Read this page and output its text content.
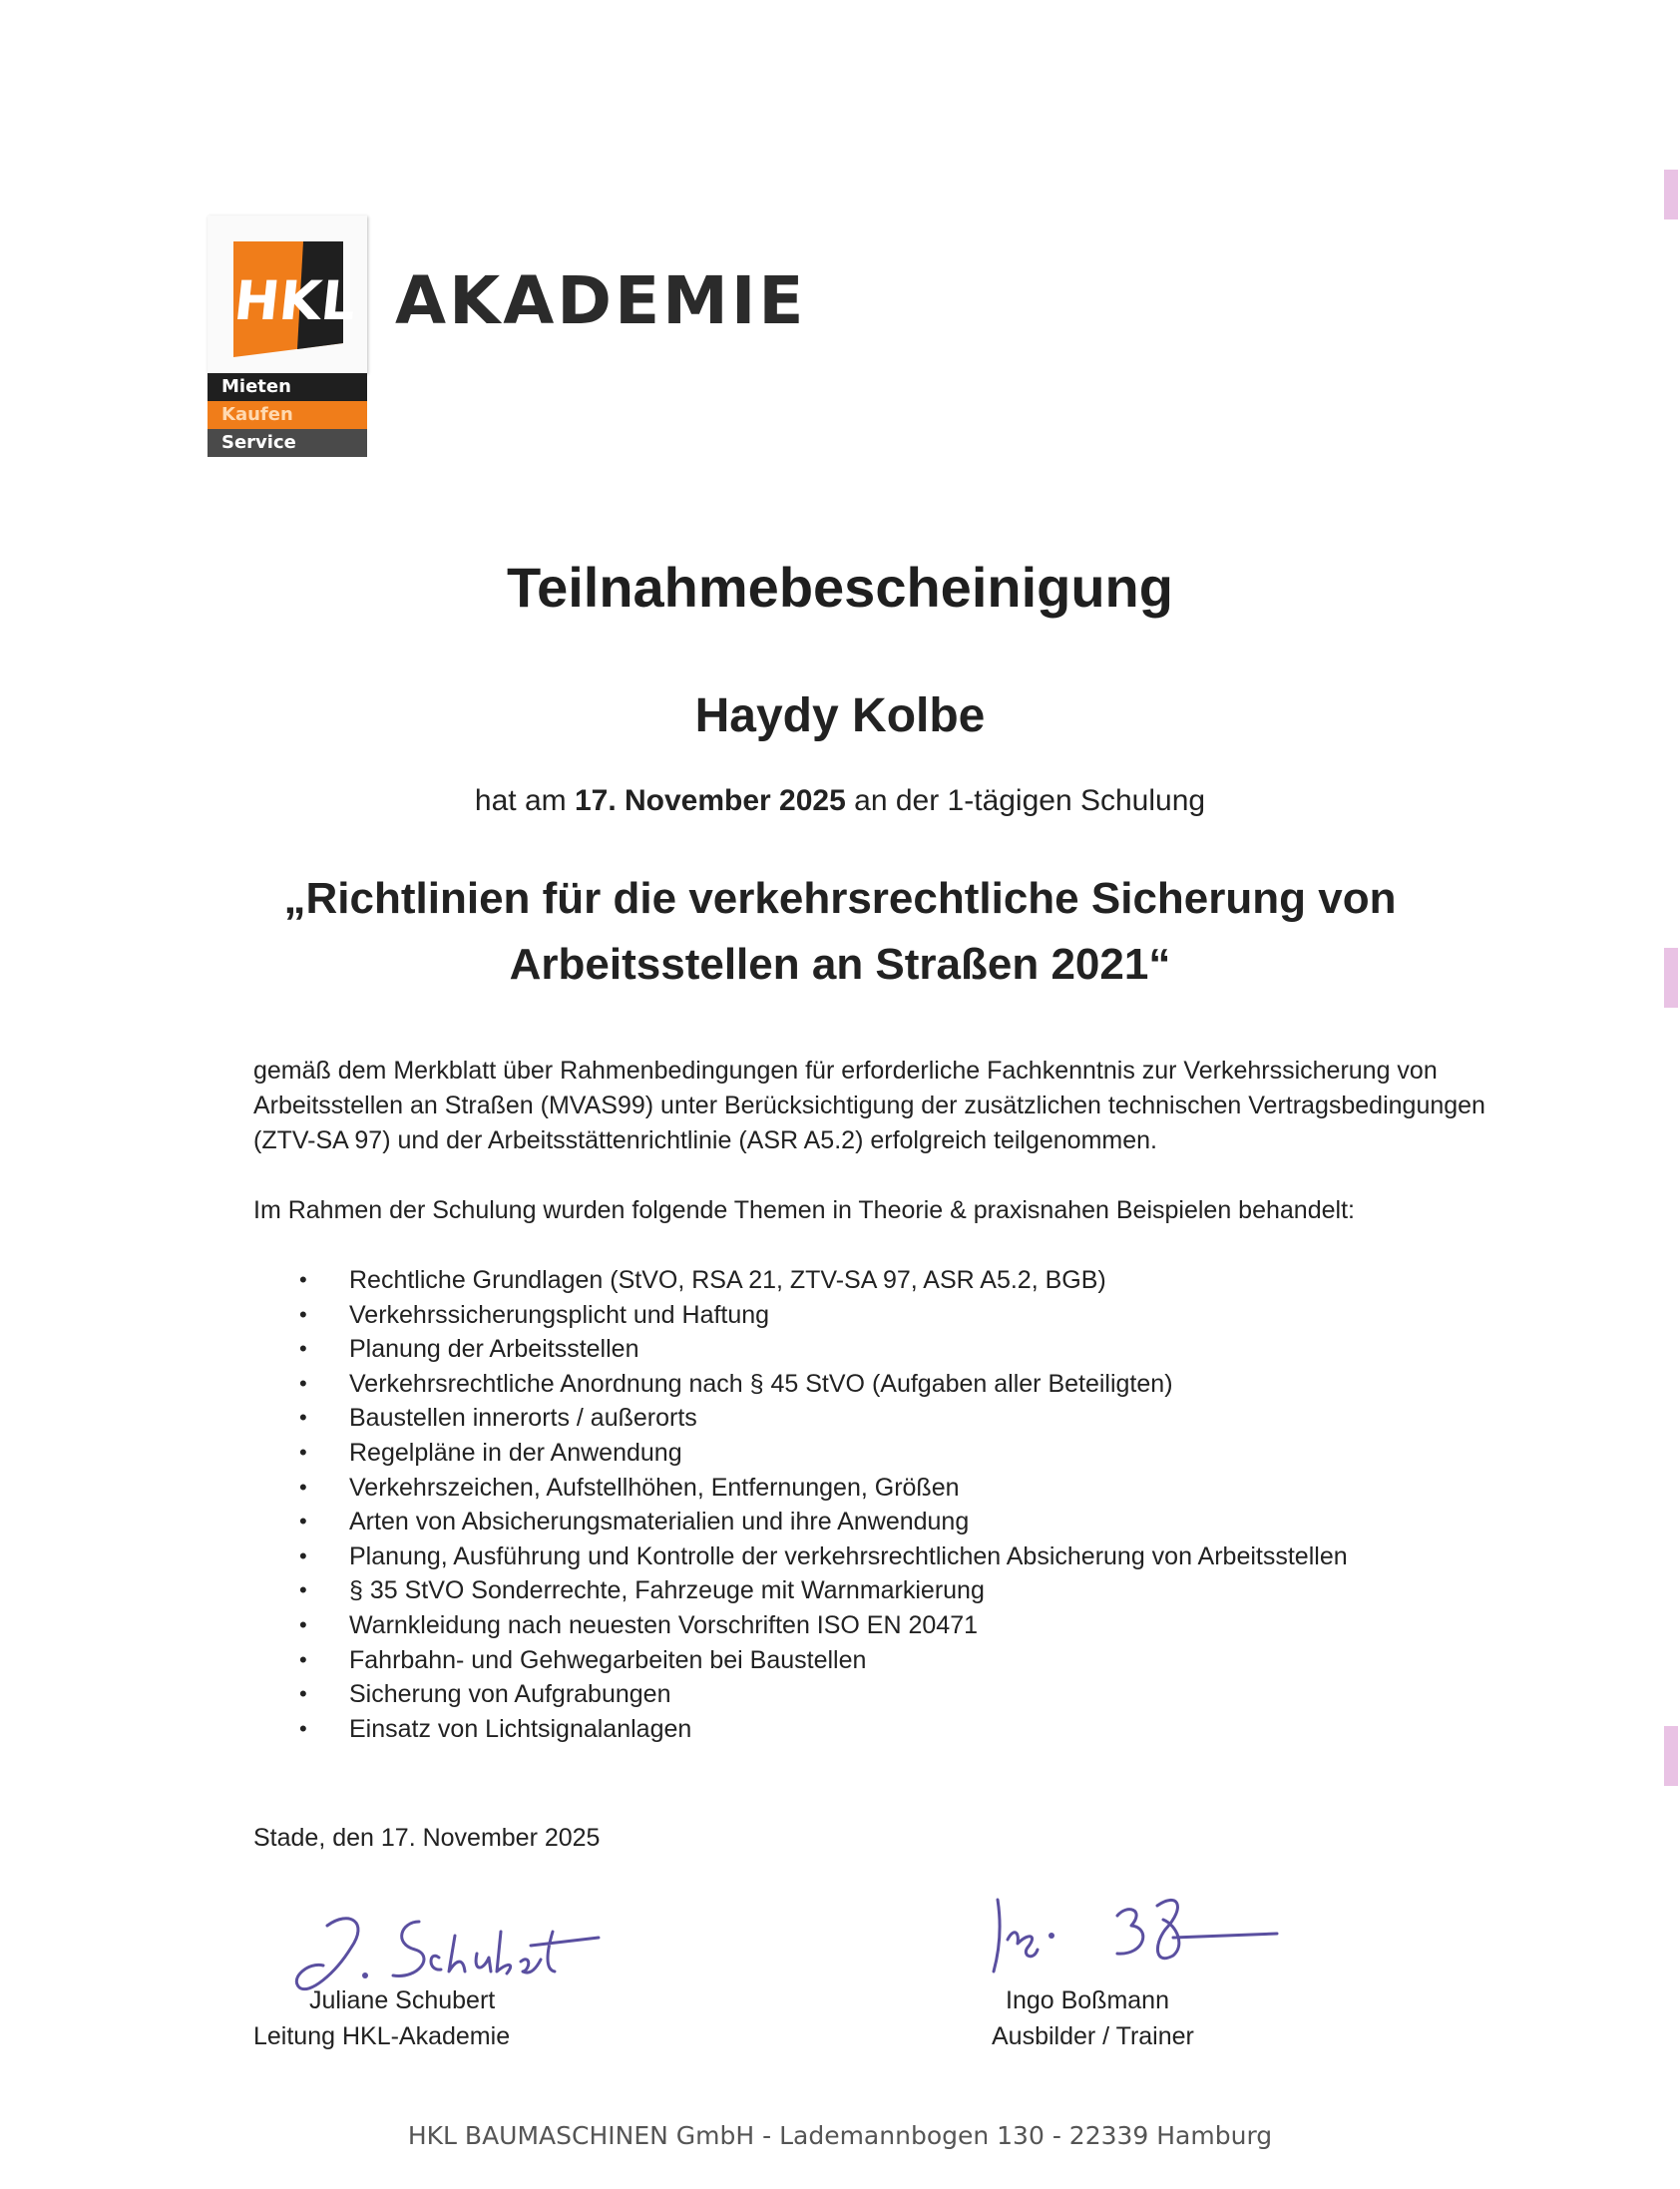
HKL
Mieten
Kaufen
Service
AKADEMIE
Teilnahmebescheinigung
Haydy Kolbe
hat am 17. November 2025 an der 1-tägigen Schulung
„Richtlinien für die verkehrsrechtliche Sicherung von
Arbeitsstellen an Straßen 2021“
gemäß dem Merkblatt über Rahmenbedingungen für erforderliche Fachkenntnis zur Verkehrssicherung von Arbeitsstellen an Straßen (MVAS99) unter Berücksichtigung der zusätzlichen technischen Vertragsbedingungen (ZTV-SA 97) und der Arbeitsstättenrichtlinie (ASR A5.2) erfolgreich teilgenommen.
Im Rahmen der Schulung wurden folgende Themen in Theorie & praxisnahen Beispielen behandelt:
• Rechtliche Grundlagen (StVO, RSA 21, ZTV-SA 97, ASR A5.2, BGB)
• Verkehrssicherungsplicht und Haftung
• Planung der Arbeitsstellen
• Verkehrsrechtliche Anordnung nach § 45 StVO (Aufgaben aller Beteiligten)
• Baustellen innerorts / außerorts
• Regelpläne in der Anwendung
• Verkehrszeichen, Aufstellhöhen, Entfernungen, Größen
• Arten von Absicherungsmaterialien und ihre Anwendung
• Planung, Ausführung und Kontrolle der verkehrsrechtlichen Absicherung von Arbeitsstellen
• § 35 StVO Sonderrechte, Fahrzeuge mit Warnmarkierung
• Warnkleidung nach neuesten Vorschriften ISO EN 20471
• Fahrbahn- und Gehwegarbeiten bei Baustellen
• Sicherung von Aufgrabungen
• Einsatz von Lichtsignalanlagen
Stade, den 17. November 2025
Juliane Schubert
Leitung HKL-Akademie
Ingo Boßmann
Ausbilder / Trainer
HKL BAUMASCHINEN GmbH - Lademannbogen 130 - 22339 Hamburg
